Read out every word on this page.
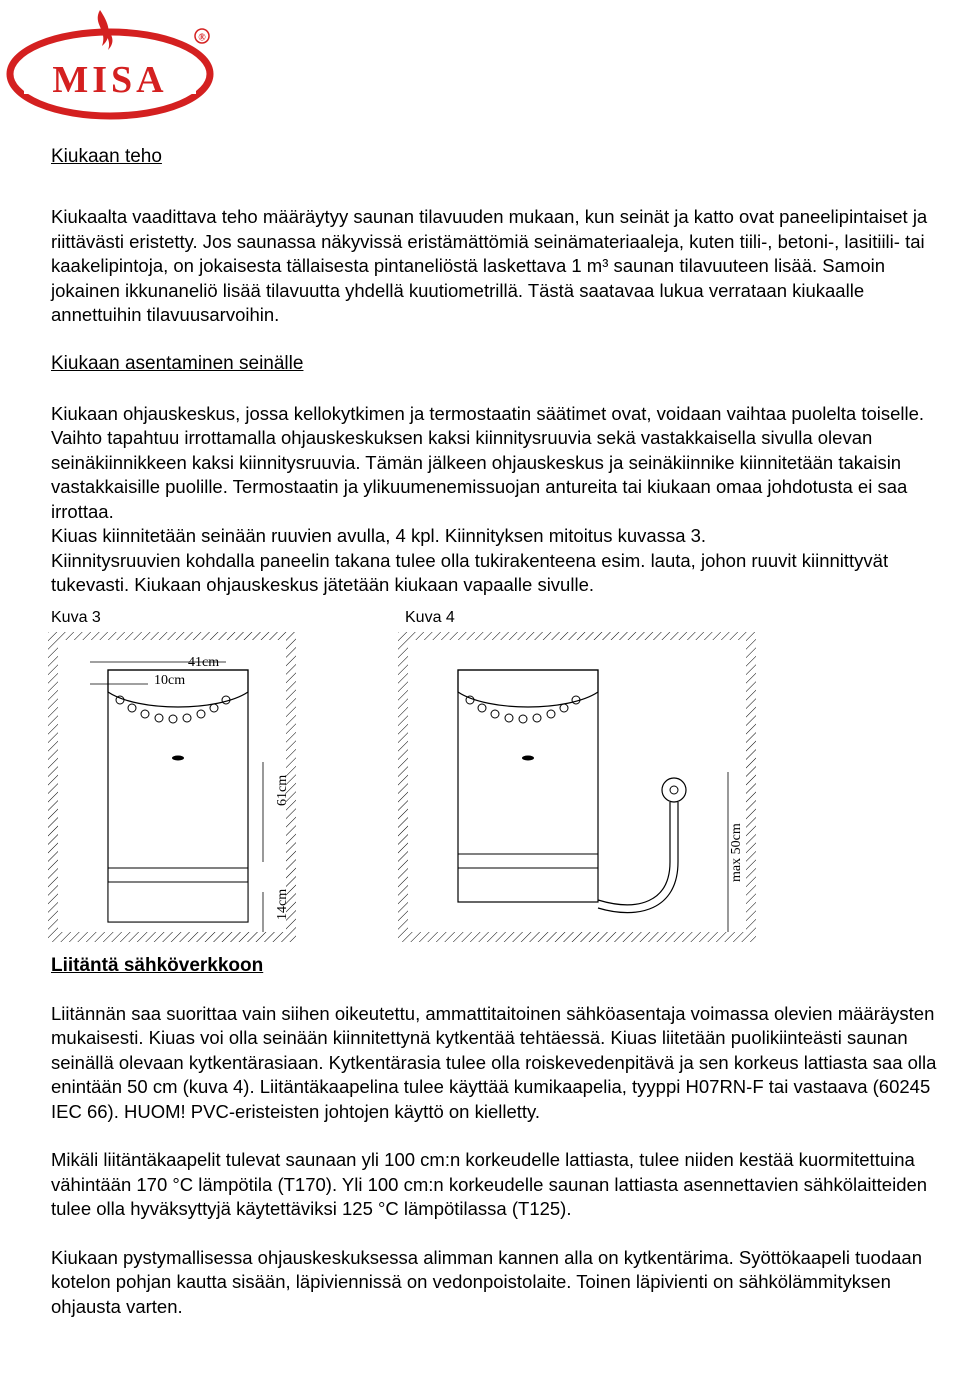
MISA
®
Kiukaan teho

Kiukaalta vaadittava teho määräytyy saunan tilavuuden mukaan, kun seinät ja katto ovat paneelipintaiset ja riittävästi eristetty. Jos saunassa näkyvissä eristämättömiä seinämateriaaleja, kuten tiili-, betoni-, lasitiili- tai kaakelipintoja, on jokaisesta tällaisesta pintaneliöstä laskettava 1 m³ saunan tilavuuteen lisää. Samoin jokainen ikkunaneliö lisää tilavuutta yhdellä kuutiometrillä. Tästä saatavaa lukua verrataan kiukaalle annettuihin tilavuusarvoihin.

Kiukaan asentaminen seinälle

Kiukaan ohjauskeskus, jossa kellokytkimen ja termostaatin säätimet ovat, voidaan vaihtaa puolelta toiselle. Vaihto tapahtuu irrottamalla ohjauskeskuksen kaksi kiinnitysruuvia sekä vastakkaisella sivulla olevan seinäkiinnikkeen kaksi kiinnitysruuvia. Tämän jälkeen ohjauskeskus ja seinäkiinnike kiinnitetään takaisin vastakkaisille puolille. Termostaatin ja ylikuumenemissuojan antureita tai kiukaan omaa johdotusta ei saa irrottaa.

Kiuas kiinnitetään seinään ruuvien avulla, 4 kpl. Kiinnityksen mitoitus kuvassa 3.

Kiinnitysruuvien kohdalla paneelin takana tulee olla tukirakenteena esim. lauta, johon ruuvit kiinnittyvät tukevasti. Kiukaan ohjauskeskus jätetään kiukaan vapaalle sivulle.

Kuva 3	Kuva 4
41cm
10cm
61cm
14cm
max 50cm
Liitäntä sähköverkkoon

Liitännän saa suorittaa vain siihen oikeutettu, ammattitaitoinen sähköasentaja voimassa olevien määräysten mukaisesti. Kiuas voi olla seinään kiinnitettynä kytkentää tehtäessä. Kiuas liitetään puolikiinteästi saunan seinällä olevaan kytkentärasiaan. Kytkentärasia tulee olla roiskevedenpitävä ja sen korkeus lattiasta saa olla enintään 50 cm (kuva 4). Liitäntäkaapelina tulee käyttää kumikaapelia, tyyppi H07RN-F tai vastaava (60245 IEC 66). HUOM! PVC-eristeisten johtojen käyttö on kielletty.

Mikäli liitäntäkaapelit tulevat saunaan yli 100 cm:n korkeudelle lattiasta, tulee niiden kestää kuormitettuina vähintään 170 °C lämpötila (T170). Yli 100 cm:n korkeudelle saunan lattiasta asennettavien sähkölaitteiden tulee olla hyväksyttyjä käytettäviksi 125 °C lämpötilassa (T125).

Kiukaan pystymallisessa ohjauskeskuksessa alimman kannen alla on kytkentärima. Syöttökaapeli tuodaan kotelon pohjan kautta sisään, läpiviennissä on vedonpoistolaite. Toinen läpivienti on sähkölämmityksen ohjausta varten.
